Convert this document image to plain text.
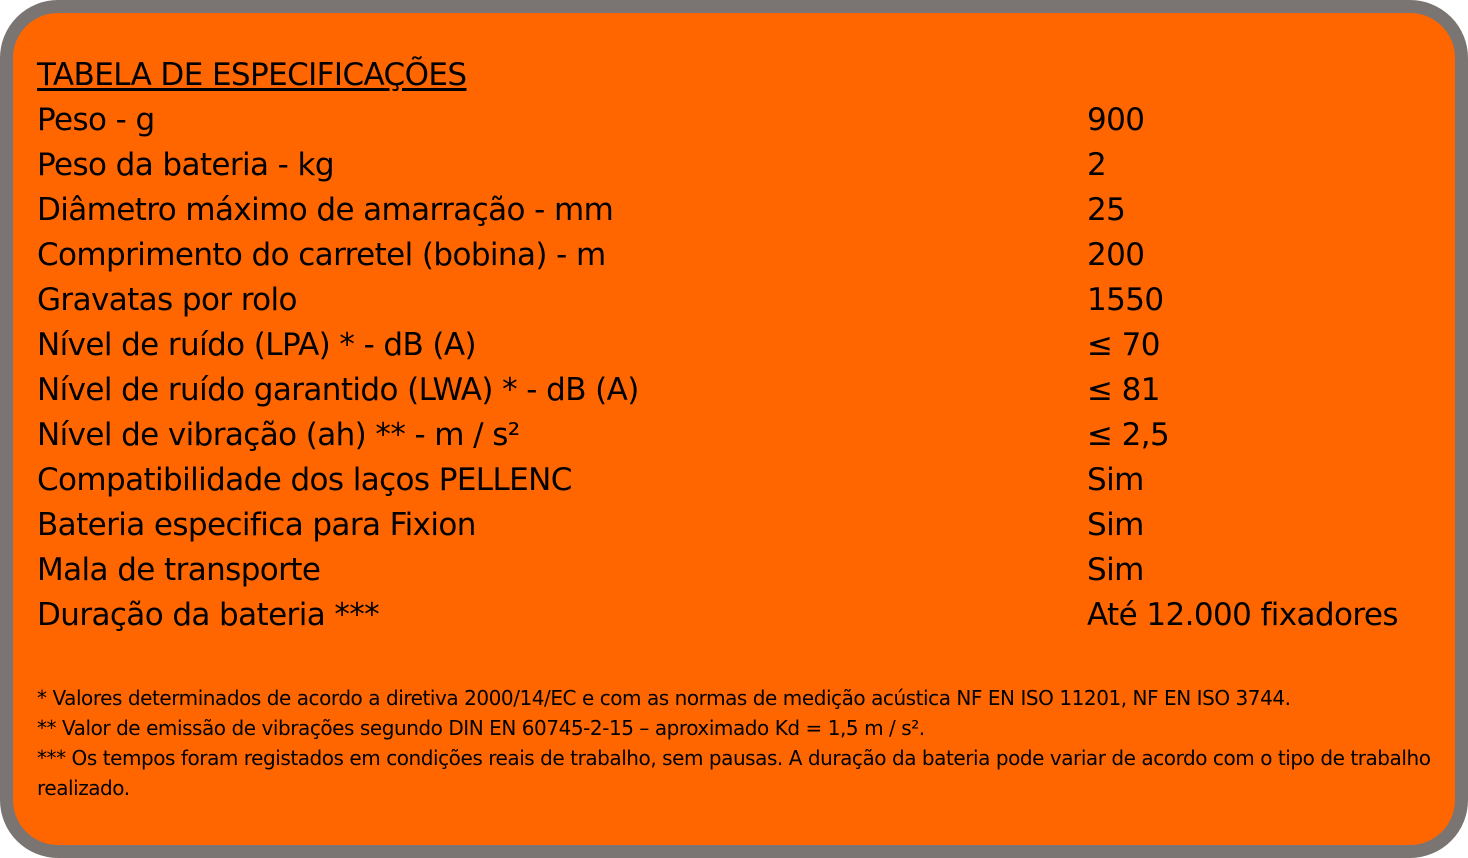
TABELA DE ESPECIFICAÇÕES
Peso - g	900
Peso da bateria - kg	2
Diâmetro máximo de amarração - mm	25
Comprimento do carretel (bobina) - m	200
Gravatas por rolo	1550
Nível de ruído (LPA) * - dB (A)	≤ 70
Nível de ruído garantido (LWA) * - dB (A)	≤ 81
Nível de vibração (ah) ** - m / s²	≤ 2,5
Compatibilidade dos laços PELLENC	Sim
Bateria especifica para Fixion	Sim
Mala de transporte	Sim
Duração da bateria ***	Até 12.000 fixadores
* Valores determinados de acordo a diretiva 2000/14/EC e com as normas de medição acústica NF EN ISO 11201, NF EN ISO 3744.
** Valor de emissão de vibrações segundo DIN EN 60745-2-15 – aproximado Kd = 1,5 m / s².
*** Os tempos foram registados em condições reais de trabalho, sem pausas. A duração da bateria pode variar de acordo com o tipo de trabalho realizado.
